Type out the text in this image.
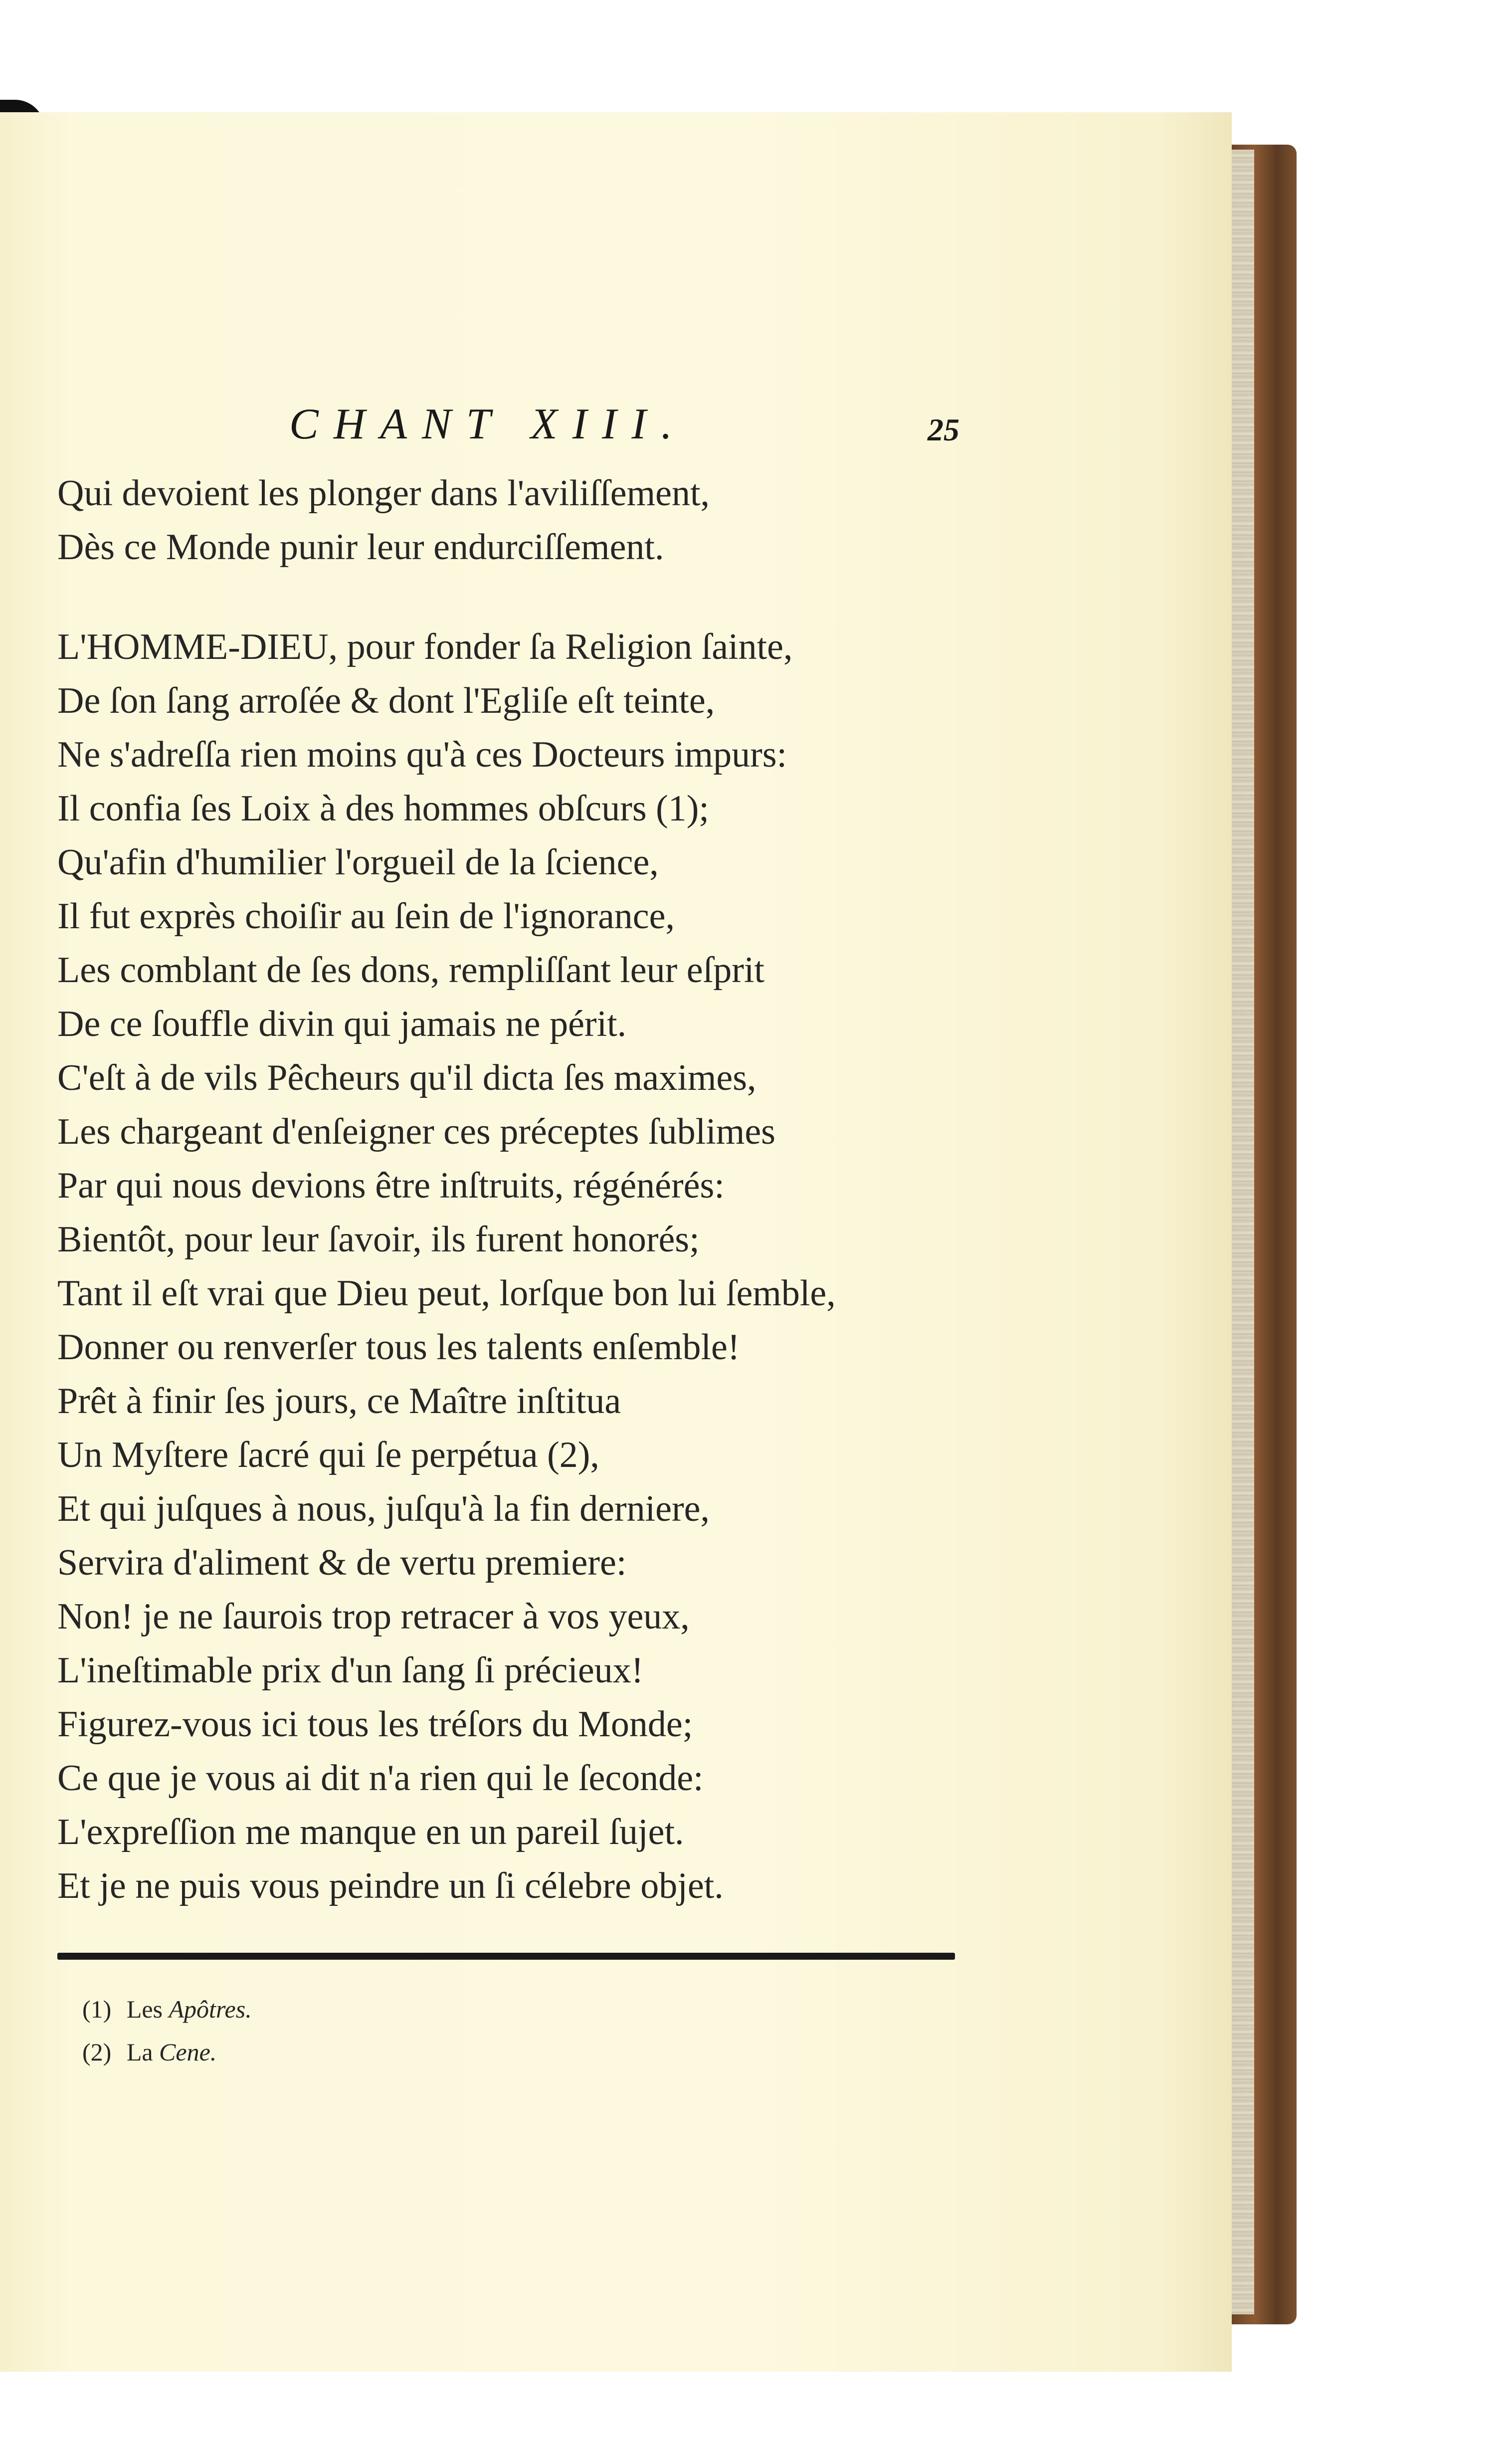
CHANT XIII.	25
Qui devoient les plonger dans l'aviliſſement,
Dès ce Monde punir leur endurciſſement.
L'HOMME-DIEU, pour fonder ſa Religion ſainte,
De ſon ſang arroſée & dont l'Egliſe eſt teinte,
Ne s'adreſſa rien moins qu'à ces Docteurs impurs:
Il confia ſes Loix à des hommes obſcurs (1);
Qu'afin d'humilier l'orgueil de la ſcience,
Il fut exprès choiſir au ſein de l'ignorance,
Les comblant de ſes dons, rempliſſant leur eſprit
De ce ſouffle divin qui jamais ne périt.
C'eſt à de vils Pêcheurs qu'il dicta ſes maximes,
Les chargeant d'enſeigner ces préceptes ſublimes
Par qui nous devions être inſtruits, régénérés:
Bientôt, pour leur ſavoir, ils furent honorés;
Tant il eſt vrai que Dieu peut, lorſque bon lui ſemble,
Donner ou renverſer tous les talents enſemble!
Prêt à finir ſes jours, ce Maître inſtitua
Un Myſtere ſacré qui ſe perpétua (2),
Et qui juſques à nous, juſqu'à la fin derniere,
Servira d'aliment & de vertu premiere:
Non! je ne ſaurois trop retracer à vos yeux,
L'ineſtimable prix d'un ſang ſi précieux!
Figurez-vous ici tous les tréſors du Monde;
Ce que je vous ai dit n'a rien qui le ſeconde:
L'expreſſion me manque en un pareil ſujet.
Et je ne puis vous peindre un ſi célebre objet.
(1) Les Apôtres.
(2) La Cene.
